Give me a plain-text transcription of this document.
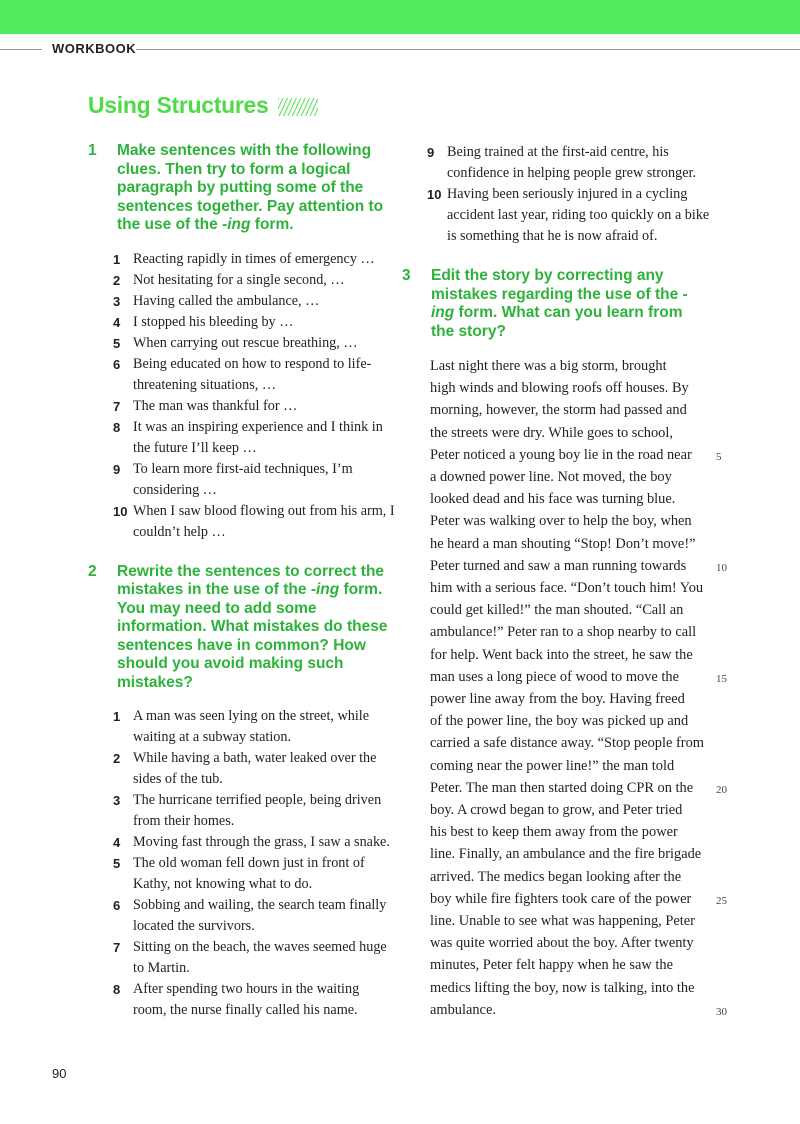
WORKBOOK
Using Structures
1	Make sentences with the following clues. Then try to form a logical paragraph by putting some of the sentences together. Pay attention to the use of the -ing form.
1 Reacting rapidly in times of emergency …
2 Not hesitating for a single second, …
3 Having called the ambulance, …
4 I stopped his bleeding by …
5 When carrying out rescue breathing, …
6 Being educated on how to respond to life-threatening situations, …
7 The man was thankful for …
8 It was an inspiring experience and I think in the future I’ll keep …
9 To learn more first-aid techniques, I’m considering …
10 When I saw blood flowing out from his arm, I couldn’t help …
2	Rewrite the sentences to correct the mistakes in the use of the -ing form. You may need to add some information. What mistakes do these sentences have in common? How should you avoid making such mistakes?
1 A man was seen lying on the street, while waiting at a subway station.
2 While having a bath, water leaked over the sides of the tub.
3 The hurricane terrified people, being driven from their homes.
4 Moving fast through the grass, I saw a snake.
5 The old woman fell down just in front of Kathy, not knowing what to do.
6 Sobbing and wailing, the search team finally located the survivors.
7 Sitting on the beach, the waves seemed huge to Martin.
8 After spending two hours in the waiting room, the nurse finally called his name.
9 Being trained at the first-aid centre, his confidence in helping people grew stronger.
10 Having been seriously injured in a cycling accident last year, riding too quickly on a bike is something that he is now afraid of.
3	Edit the story by correcting any mistakes regarding the use of the -ing form. What can you learn from the story?
Last night there was a big storm, brought
high winds and blowing roofs off houses. By
morning, however, the storm had passed and
the streets were dry. While goes to school,
Peter noticed a young boy lie in the road near 5
a downed power line. Not moved, the boy
looked dead and his face was turning blue.
Peter was walking over to help the boy, when
he heard a man shouting “Stop! Don’t move!”
Peter turned and saw a man running towards	10
him with a serious face. “Don’t touch him! You
could get killed!” the man shouted. “Call an
ambulance!” Peter ran to a shop nearby to call
for help. Went back into the street, he saw the
man uses a long piece of wood to move the	15
power line away from the boy. Having freed
of the power line, the boy was picked up and
carried a safe distance away. “Stop people from
coming near the power line!” the man told
Peter. The man then started doing CPR on the 20
boy. A crowd began to grow, and Peter tried
his best to keep them away from the power
line. Finally, an ambulance and the fire brigade
arrived. The medics began looking after the
boy while fire fighters took care of the power 25
line. Unable to see what was happening, Peter
was quite worried about the boy. After twenty
minutes, Peter felt happy when he saw the
medics lifting the boy, now is talking, into the
ambulance.	30
90
